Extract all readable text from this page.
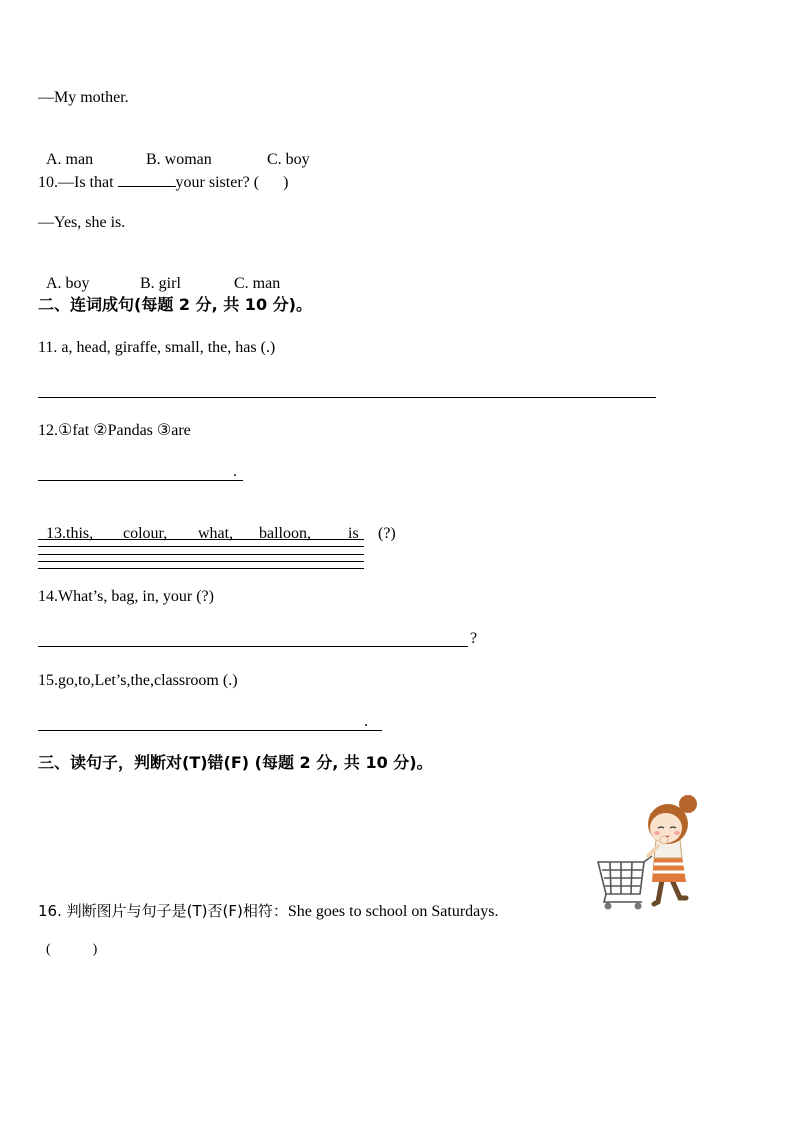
—My mother.

A. man	B. woman	C. boy

10.—Is that	your sister? (      )
—Yes, she is.

A. boy	B. girl	C. man

二、连词成句(每题 2 分, 共 10 分)。
11. a, head, giraffe, small, the, has (.)
12.①fat ②Pandas ③are
.

13.this, colour, what, balloon, is (?)

14.What’s, bag, in, your (?)
?
15.go,to,Let’s,the,classroom (.)
.
三、读句子，判断对(T)错(F) (每题 2 分, 共 10 分)。
16. 判断图片与句子是(T)否(F)相符：She goes to school on Saturdays.
(            )
